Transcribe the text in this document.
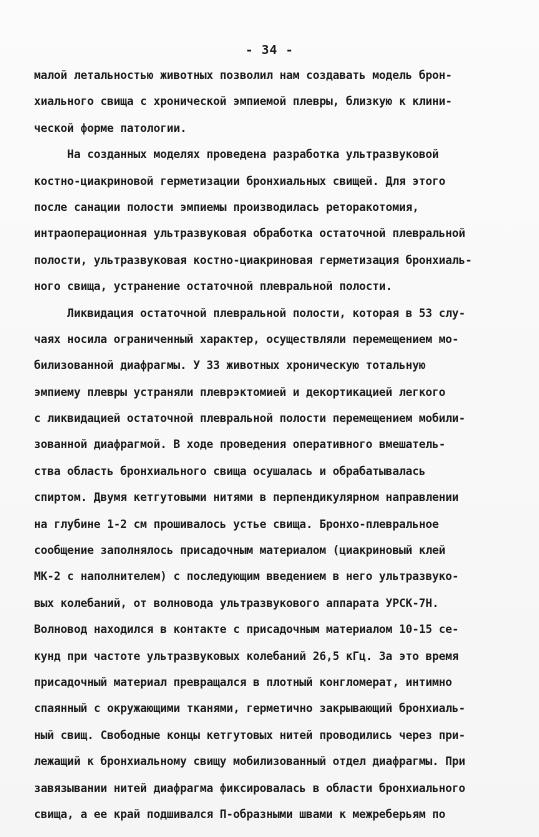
- 34 -
малой летальностью животных позволил нам создавать модель брон-
хиального свища с хронической эмпиемой плевры, близкую к клини-
ческой форме патологии.
На созданных моделях проведена разработка ультразвуковой
костно-циакриновой герметизации бронхиальных свищей. Для этого
после санации полости эмпиемы производилась реторакотомия,
интраоперационная ультразвуковая обработка остаточной плевральной
полости, ультразвуковая костно-циакриновая герметизация бронхиаль-
ного свища, устранение остаточной плевральной полости.
Ликвидация остаточной плевральной полости, которая в 53 слу-
чаях носила ограниченный характер, осуществляли перемещением мо-
билизованной диафрагмы. У 33 животных хроническую тотальную
эмпиему плевры устраняли плеврэктомией и декортикацией легкого
с ликвидацией остаточной плевральной полости перемещением мобили-
зованной диафрагмой. В ходе проведения оперативного вмешатель-
ства область бронхиального свища осушалась и обрабатывалась
спиртом. Двумя кетгутовыми нитями в перпендикулярном направлении
на глубине 1-2 см прошивалось устье свища. Бронхо-плевральное
сообщение заполнялось присадочным материалом (циакриновый клей
МК-2 с наполнителем) с последующим введением в него ультразвуко-
вых колебаний, от волновода ультразвукового аппарата УРСК-7Н.
Волновод находился в контакте с присадочным материалом 10-15 се-
кунд при частоте ультразвуковых колебаний 26,5 кГц. За это время
присадочный материал превращался в плотный конгломерат, интимно
спаянный с окружающими тканями, герметично закрывающий бронхиаль-
ный свищ. Свободные концы кетгутовых нитей проводились через при-
лежащий к бронхиальному свищу мобилизованный отдел диафрагмы. При
завязывании нитей диафрагма фиксировалась в области бронхиального
свища, а ее край подшивался П-образными швами к межреберьям по
